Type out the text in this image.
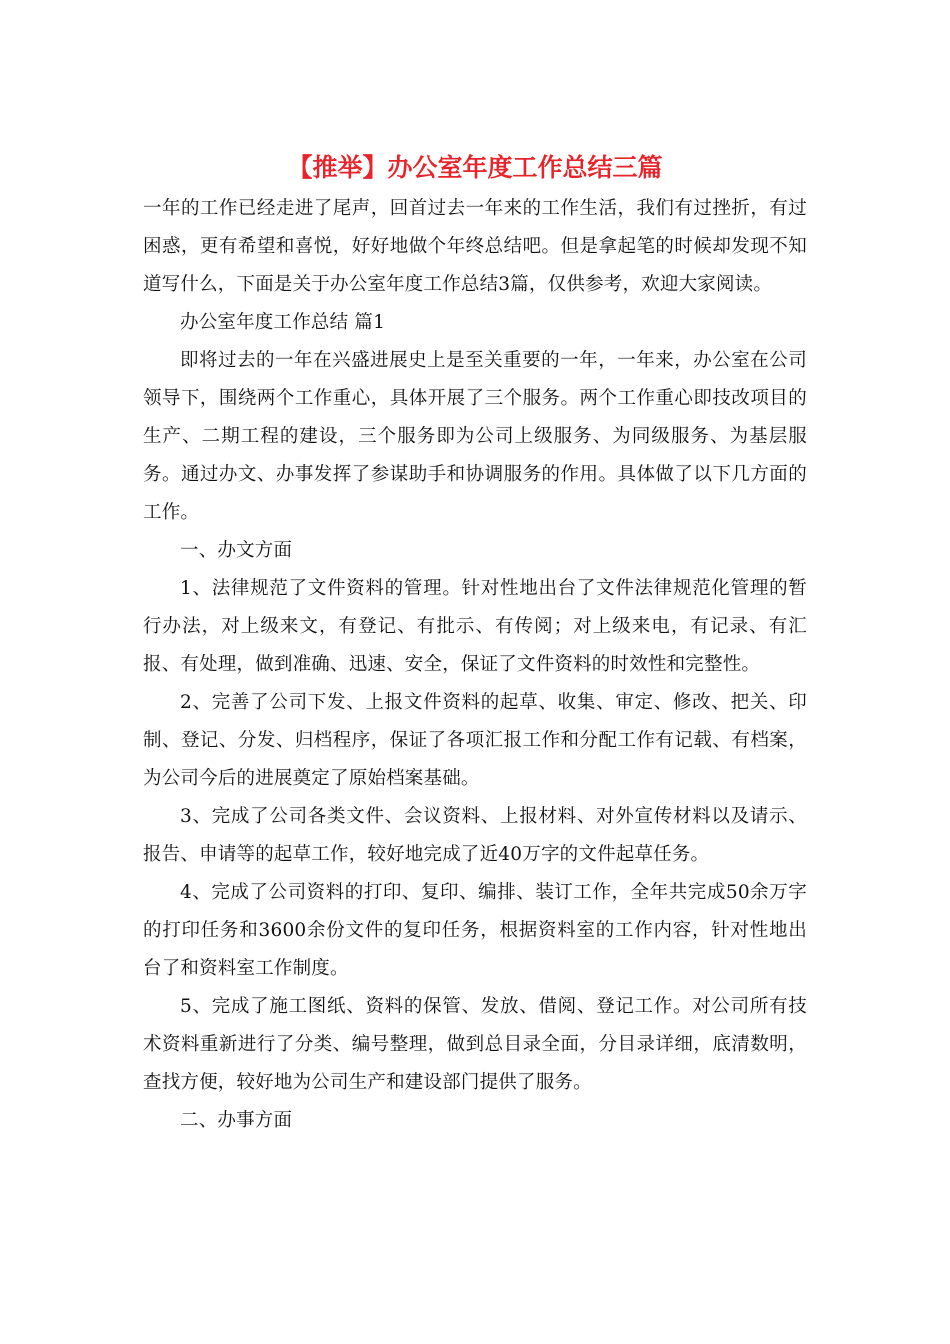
【推举】办公室年度工作总结三篇

一年的工作已经走进了尾声，回首过去一年来的工作生活，我们有过挫折，有过困惑，更有希望和喜悦，好好地做个年终总结吧。但是拿起笔的时候却发现不知道写什么，下面是关于办公室年度工作总结3篇，仅供参考，欢迎大家阅读。

办公室年度工作总结 篇1

即将过去的一年在兴盛进展史上是至关重要的一年，一年来，办公室在公司领导下，围绕两个工作重心，具体开展了三个服务。两个工作重心即技改项目的生产、二期工程的建设，三个服务即为公司上级服务、为同级服务、为基层服务。通过办文、办事发挥了参谋助手和协调服务的作用。具体做了以下几方面的工作。

一、办文方面

1、法律规范了文件资料的管理。针对性地出台了文件法律规范化管理的暂行办法，对上级来文，有登记、有批示、有传阅；对上级来电，有记录、有汇报、有处理，做到准确、迅速、安全，保证了文件资料的时效性和完整性。

2、完善了公司下发、上报文件资料的起草、收集、审定、修改、把关、印制、登记、分发、归档程序，保证了各项汇报工作和分配工作有记载、有档案，为公司今后的进展奠定了原始档案基础。

3、完成了公司各类文件、会议资料、上报材料、对外宣传材料以及请示、报告、申请等的起草工作，较好地完成了近40万字的文件起草任务。

4、完成了公司资料的打印、复印、编排、装订工作，全年共完成50余万字的打印任务和3600余份文件的复印任务，根据资料室的工作内容，针对性地出台了和资料室工作制度。

5、完成了施工图纸、资料的保管、发放、借阅、登记工作。对公司所有技术资料重新进行了分类、编号整理，做到总目录全面，分目录详细，底清数明，查找方便，较好地为公司生产和建设部门提供了服务。

二、办事方面
